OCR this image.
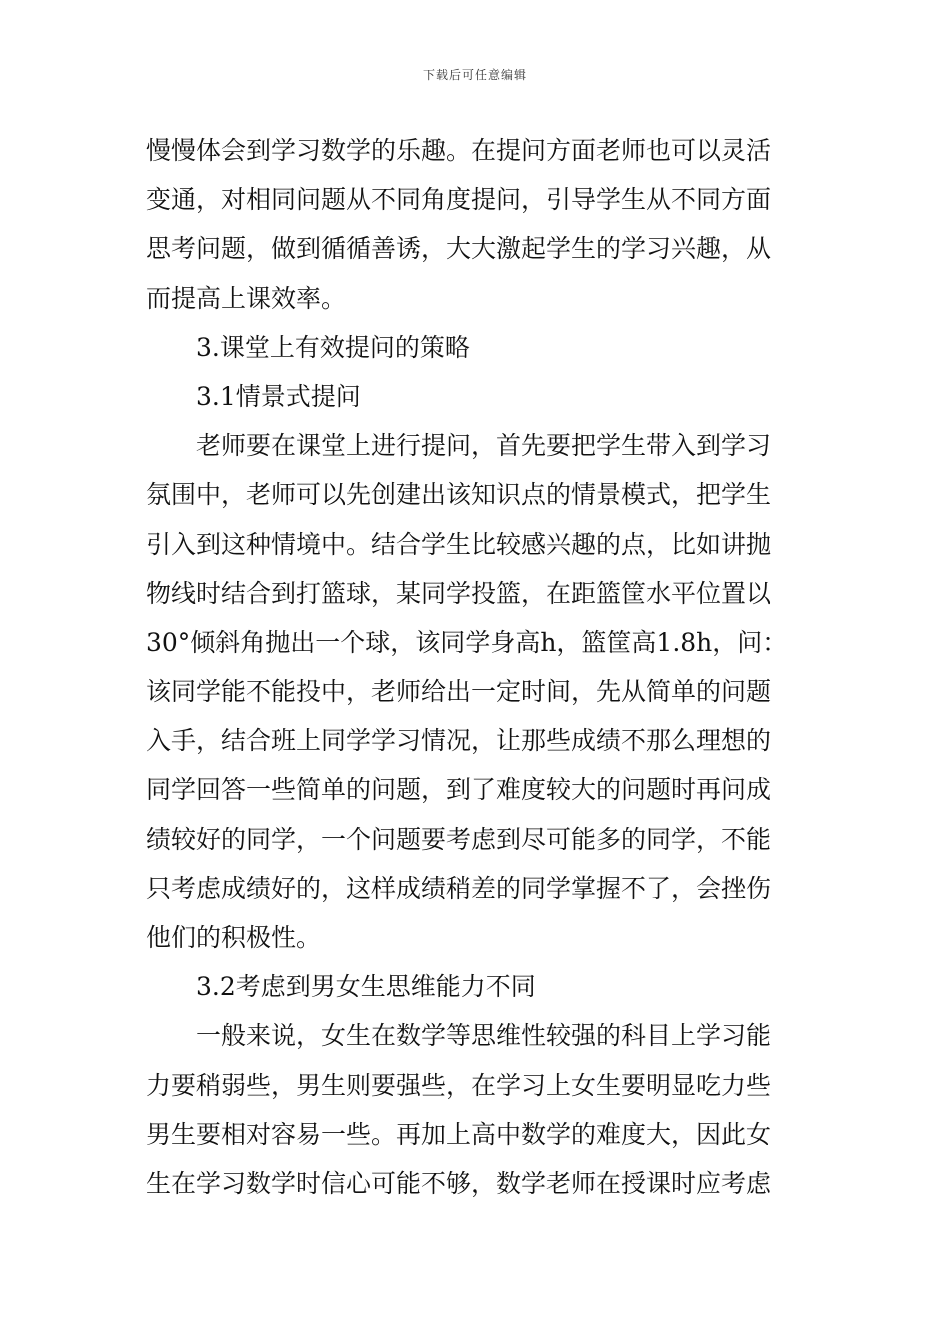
下载后可任意编辑
慢慢体会到学习数学的乐趣。在提问方面老师也可以灵活
变通，对相同问题从不同角度提问，引导学生从不同方面
思考问题，做到循循善诱，大大激起学生的学习兴趣，从
而提高上课效率。
3.课堂上有效提问的策略
3.1情景式提问
老师要在课堂上进行提问，首先要把学生带入到学习
氛围中，老师可以先创建出该知识点的情景模式，把学生
引入到这种情境中。结合学生比较感兴趣的点，比如讲抛
物线时结合到打篮球，某同学投篮，在距篮筐水平位置以
30°倾斜角抛出一个球，该同学身高h，篮筐高1.8h，问：
该同学能不能投中，老师给出一定时间，先从简单的问题
入手，结合班上同学学习情况，让那些成绩不那么理想的
同学回答一些简单的问题，到了难度较大的问题时再问成
绩较好的同学，一个问题要考虑到尽可能多的同学，不能
只考虑成绩好的，这样成绩稍差的同学掌握不了，会挫伤
他们的积极性。
3.2考虑到男女生思维能力不同
一般来说，女生在数学等思维性较强的科目上学习能
力要稍弱些，男生则要强些，在学习上女生要明显吃力些
男生要相对容易一些。再加上高中数学的难度大，因此女
生在学习数学时信心可能不够，数学老师在授课时应考虑
